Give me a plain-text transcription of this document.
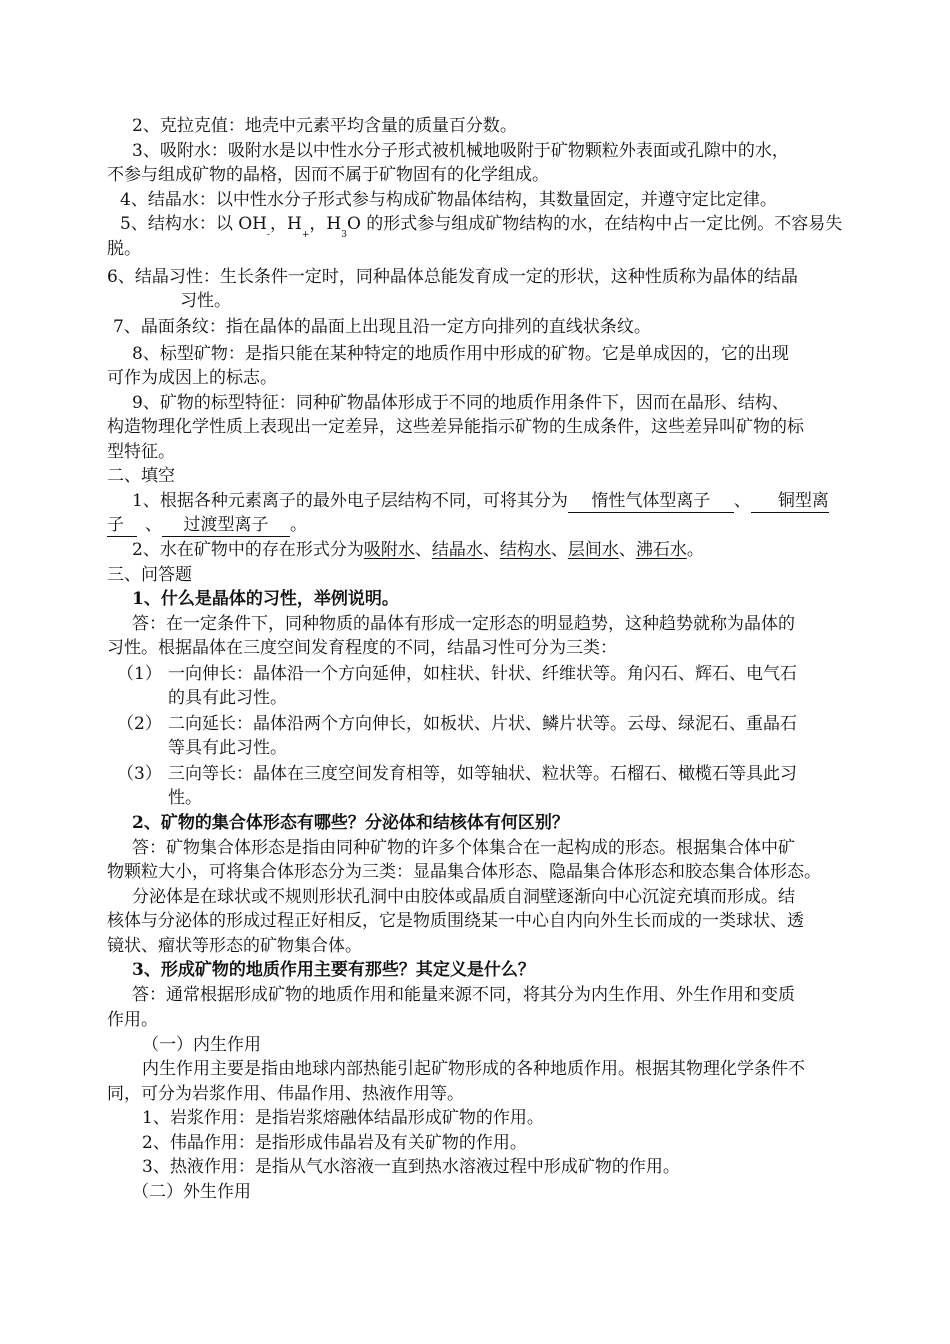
2、克拉克值：地壳中元素平均含量的质量百分数。
3、吸附水：吸附水是以中性水分子形式被机械地吸附于矿物颗粒外表面或孔隙中的水，
不参与组成矿物的晶格，因而不属于矿物固有的化学组成。
4、结晶水：以中性水分子形式参与构成矿物晶体结构，其数量固定，并遵守定比定律。
5、结构水：以 $OH_-$，$H_+$，$H_3O$ 的形式参与组成矿物结构的水，在结构中占一定比例。不容易失
脱。
6、结晶习性：生长条件一定时，同种晶体总能发育成一定的形状，这种性质称为晶体的结晶
习性。
7、晶面条纹：指在晶体的晶面上出现且沿一定方向排列的直线状条纹。
8、标型矿物：是指只能在某种特定的地质作用中形成的矿物。它是单成因的，它的出现
可作为成因上的标志。
9、矿物的标型特征：同种矿物晶体形成于不同的地质作用条件下，因而在晶形、结构、
构造物理化学性质上表现出一定差异，这些差异能指示矿物的生成条件，这些差异叫矿物的标
型特征。
二、填空
1、根据各种元素离子的最外电子层结构不同，可将其分为 惰性气体型离子 、 铜型离
子 、 过渡型离子 。
2、水在矿物中的存在形式分为吸附水、结晶水、结构水、层间水、沸石水。
三、问答题
1、什么是晶体的习性，举例说明。
答：在一定条件下，同种物质的晶体有形成一定形态的明显趋势，这种趋势就称为晶体的
习性。根据晶体在三度空间发育程度的不同，结晶习性可分为三类：
（1） 一向伸长：晶体沿一个方向延伸，如柱状、针状、纤维状等。角闪石、辉石、电气石
的具有此习性。
（2） 二向延长：晶体沿两个方向伸长，如板状、片状、鳞片状等。云母、绿泥石、重晶石
等具有此习性。
（3） 三向等长：晶体在三度空间发育相等，如等轴状、粒状等。石榴石、橄榄石等具此习
性。
2、矿物的集合体形态有哪些？分泌体和结核体有何区别？
答：矿物集合体形态是指由同种矿物的许多个体集合在一起构成的形态。根据集合体中矿
物颗粒大小，可将集合体形态分为三类：显晶集合体形态、隐晶集合体形态和胶态集合体形态。
分泌体是在球状或不规则形状孔洞中由胶体或晶质自洞壁逐渐向中心沉淀充填而形成。结
核体与分泌体的形成过程正好相反，它是物质围绕某一中心自内向外生长而成的一类球状、透
镜状、瘤状等形态的矿物集合体。
3、形成矿物的地质作用主要有那些？其定义是什么？
答：通常根据形成矿物的地质作用和能量来源不同，将其分为内生作用、外生作用和变质
作用。
（一）内生作用
内生作用主要是指由地球内部热能引起矿物形成的各种地质作用。根据其物理化学条件不
同，可分为岩浆作用、伟晶作用、热液作用等。
1、岩浆作用：是指岩浆熔融体结晶形成矿物的作用。
2、伟晶作用：是指形成伟晶岩及有关矿物的作用。
3、热液作用：是指从气水溶液一直到热水溶液过程中形成矿物的作用。
（二）外生作用
